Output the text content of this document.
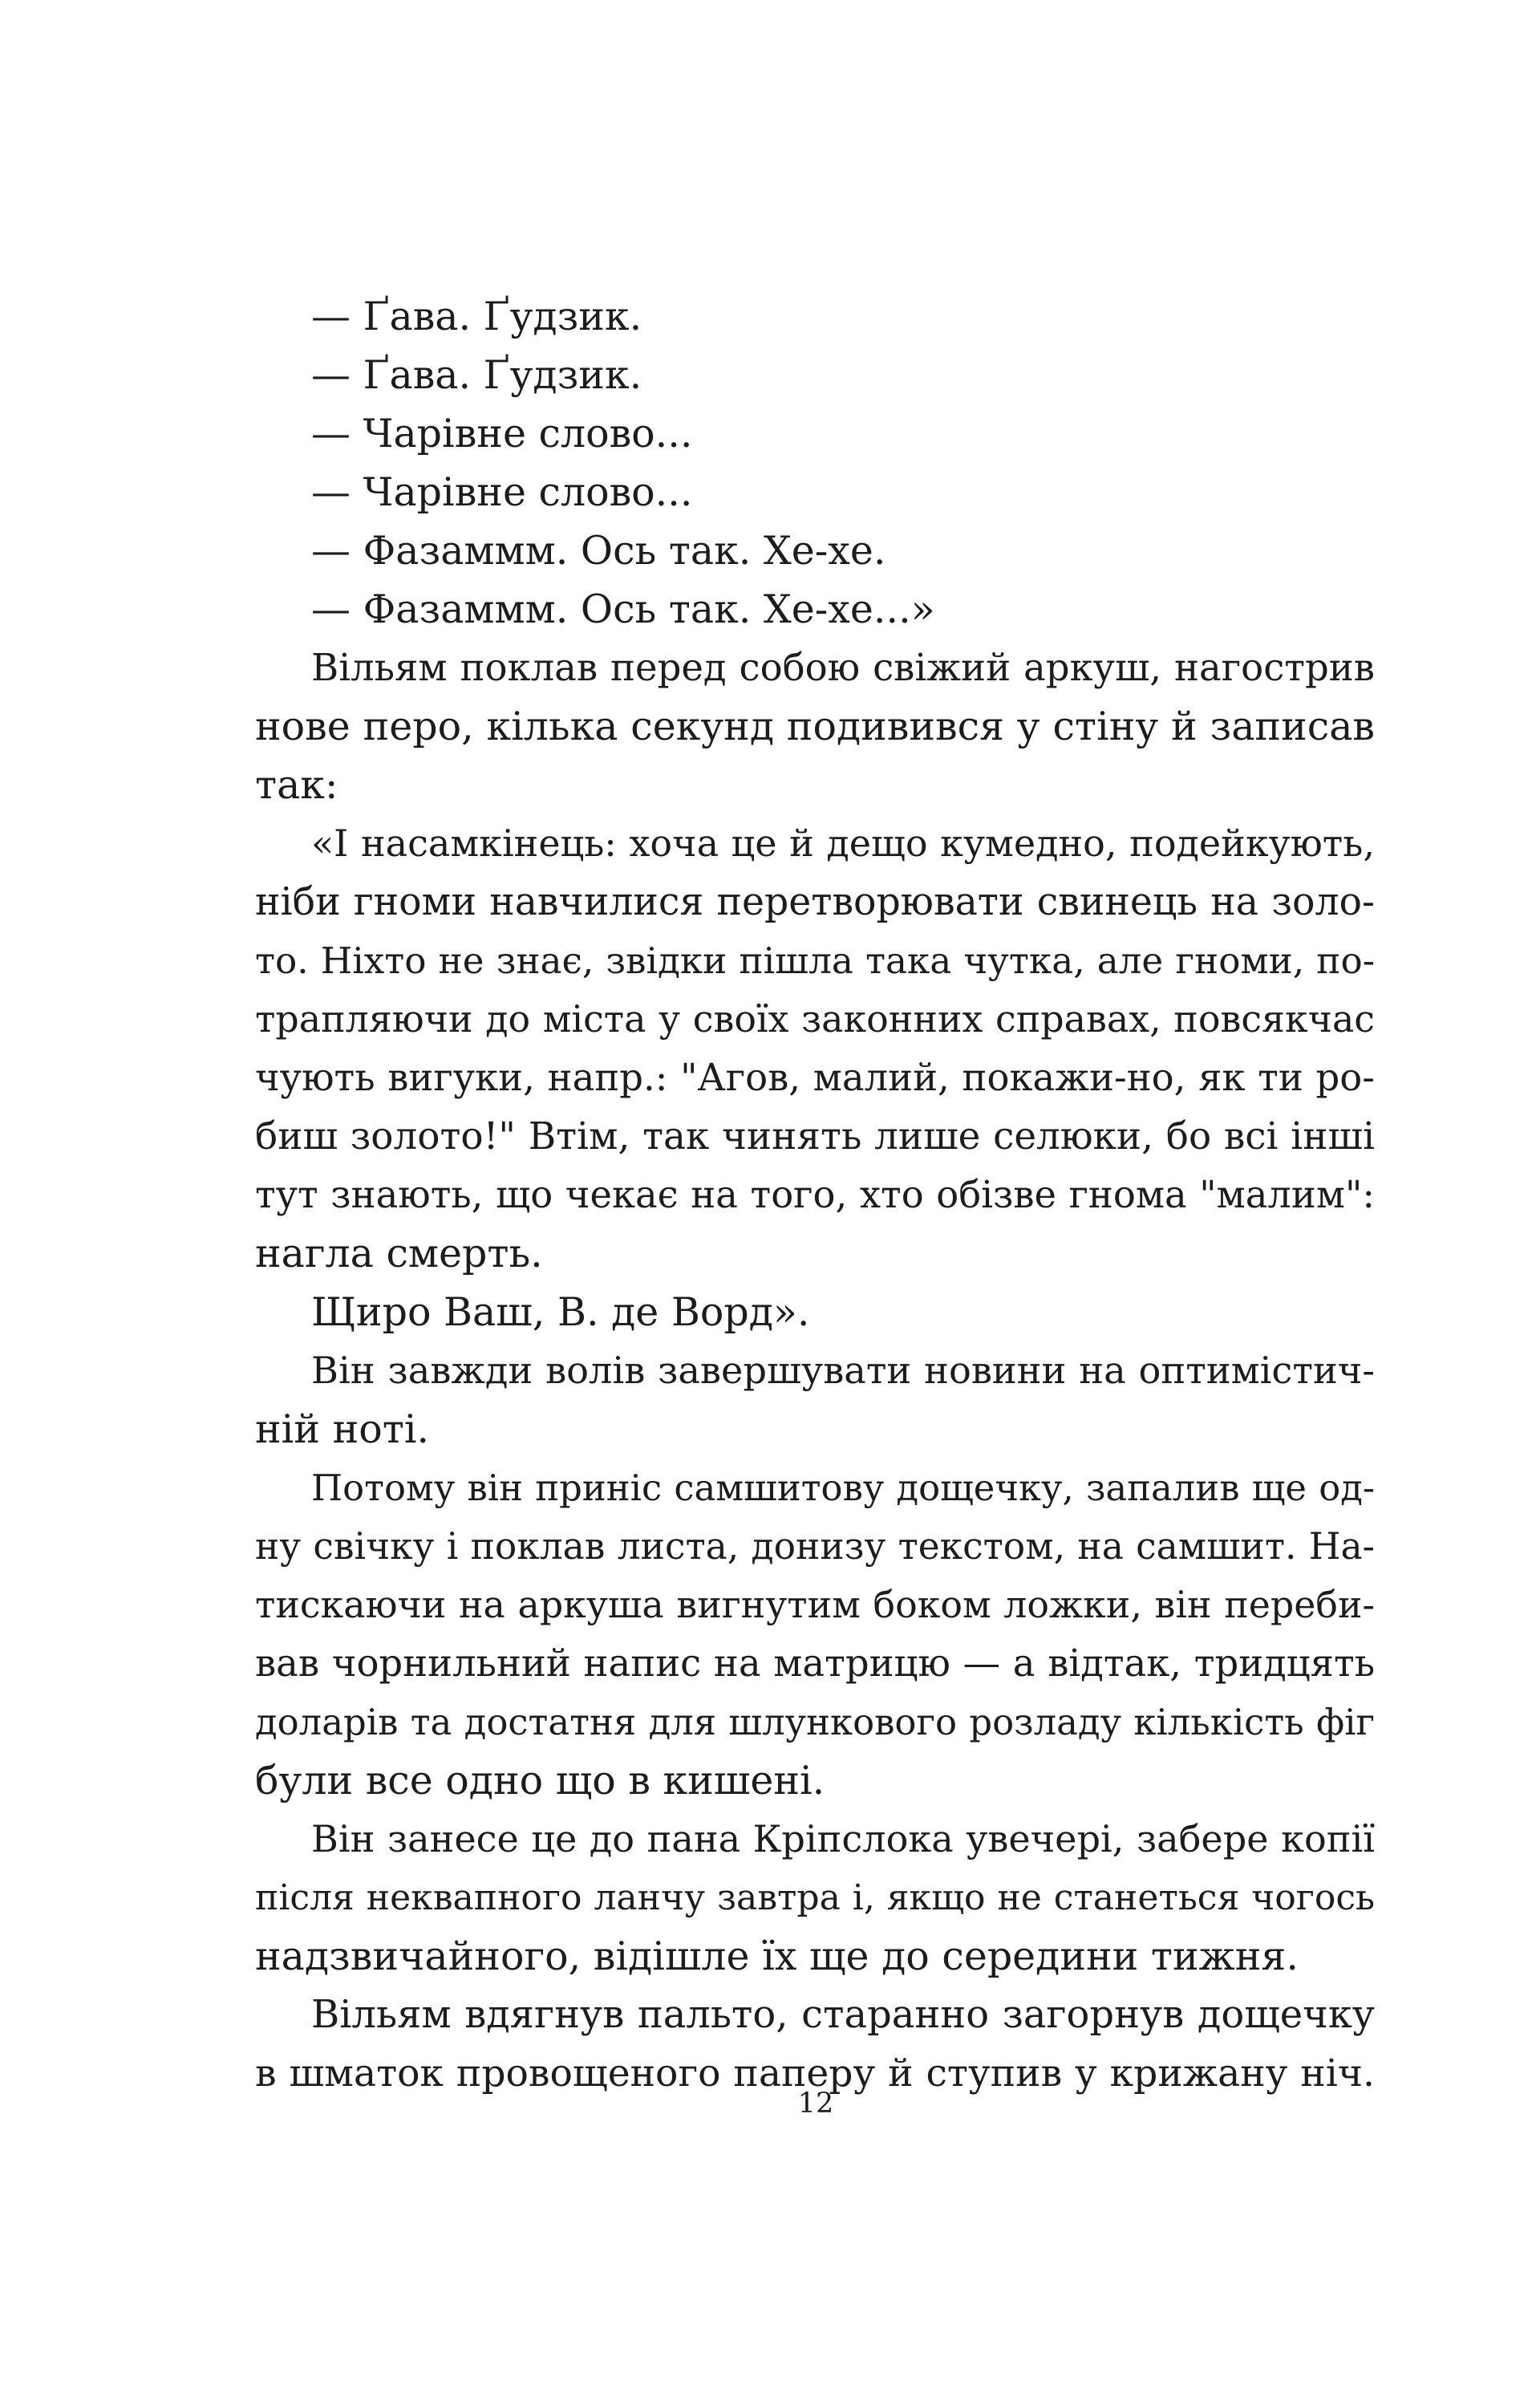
— Ґава. Ґудзик.
— Ґава. Ґудзик.
— Чарівне слово...
— Чарівне слово...
— Фазаммм. Ось так. Хе-хе.
— Фазаммм. Ось так. Хе-хе...»
Вільям поклав перед собою свіжий аркуш, нагострив
нове перо, кілька секунд подивився у стіну й записав
так:
«І насамкінець: хоча це й дещо кумедно, подейкують,
ніби гноми навчилися перетворювати свинець на золо-
то. Ніхто не знає, звідки пішла така чутка, але гноми, по-
трапляючи до міста у своїх законних справах, повсякчас
чують вигуки, напр.: "Агов, малий, покажи-но, як ти ро-
биш золото!" Втім, так чинять лише селюки, бо всі інші
тут знають, що чекає на того, хто обізве гнома "малим":
нагла смерть.
Щиро Ваш, В. де Ворд».
Він завжди волів завершувати новини на оптимістич-
ній ноті.
Потому він приніс самшитову дощечку, запалив ще од-
ну свічку і поклав листа, донизу текстом, на самшит. На-
тискаючи на аркуша вигнутим боком ложки, він переби-
вав чорнильний напис на матрицю — а відтак, тридцять
доларів та достатня для шлункового розладу кількість фіг
були все одно що в кишені.
Він занесе це до пана Кріпслока увечері, забере копії
після неквапного ланчу завтра і, якщо не станеться чогось
надзвичайного, відішле їх ще до середини тижня.
Вільям вдягнув пальто, старанно загорнув дощечку
в шматок провощеного паперу й ступив у крижану ніч.
12
